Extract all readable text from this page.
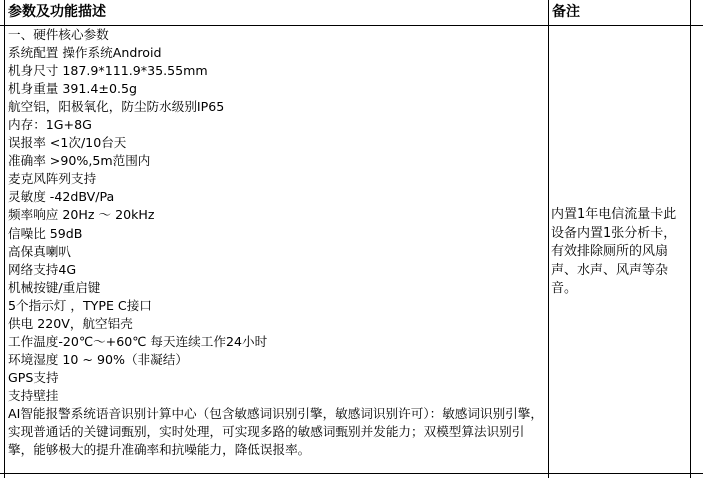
参数及功能描述	备注
一、硬件核心参数
系统配置 操作系统Android
机身尺寸 187.9*111.9*35.55mm
机身重量 391.4±0.5g
航空铝，阳极氧化，防尘防水级别IP65
内存：1G+8G
误报率 <1次/10台天
准确率 >90%,5m范围内
麦克风阵列支持
灵敏度 -42dBV/Pa
频率响应 20Hz ～ 20kHz
信噪比 59dB
高保真喇叭
网络支持4G
机械按键/重启键
5个指示灯 ，TYPE C接口
供电 220V，航空铝壳
工作温度-20℃～+60℃ 每天连续工作24小时
环境湿度 10 ~ 90%（非凝结）
GPS支持
支持壁挂
AI智能报警系统语音识别计算中心（包含敏感词识别引擎，敏感词识别许可）：敏感词识别引擎，实现普通话的关键词甄别，实时处理，可实现多路的敏感词甄别并发能力；双模型算法识别引擎，能够极大的提升准确率和抗噪能力，降低误报率。
内置1年电信流量卡此设备内置1张分析卡，有效排除厕所的风扇声、水声、风声等杂音。
